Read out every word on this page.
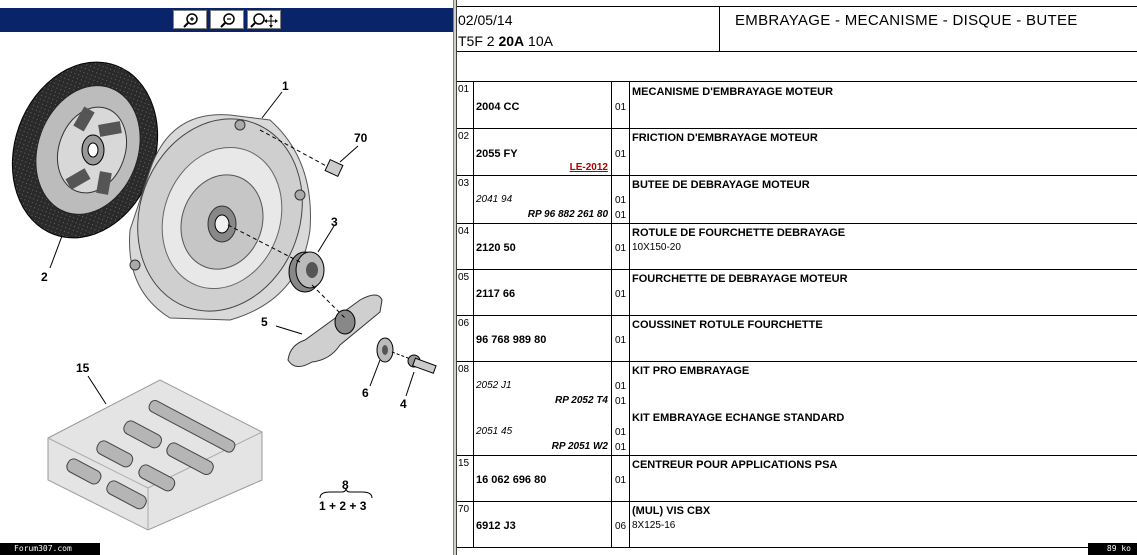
1
2
3
4
5
6
15
70
8
1 + 2 + 3
Forum307.com
02/05/14
T5F 2 20A 10A
EMBRAYAGE - MECANISME - DISQUE - BUTEE
01
2004 CC	01
MECANISME D'EMBRAYAGE MOTEUR
02
2055 FY	01
LE-2012
FRICTION D'EMBRAYAGE MOTEUR
03
2041 94	01
RP 96 882 261 80 01
BUTEE DE DEBRAYAGE MOTEUR
04
2120 50	01
ROTULE DE FOURCHETTE DEBRAYAGE
10X150-20
05
2117 66	01
FOURCHETTE DE DEBRAYAGE MOTEUR
06
96 768 989 80	01
COUSSINET ROTULE FOURCHETTE
08
2052 J1	01
RP 2052 T4 01
KIT PRO EMBRAYAGE
2051 45	01
RP 2051 W2 01
KIT EMBRAYAGE ECHANGE STANDARD
15
16 062 696 80	01
CENTREUR POUR APPLICATIONS PSA
70
6912 J3	06
(MUL) VIS CBX
8X125-16
89 ko
